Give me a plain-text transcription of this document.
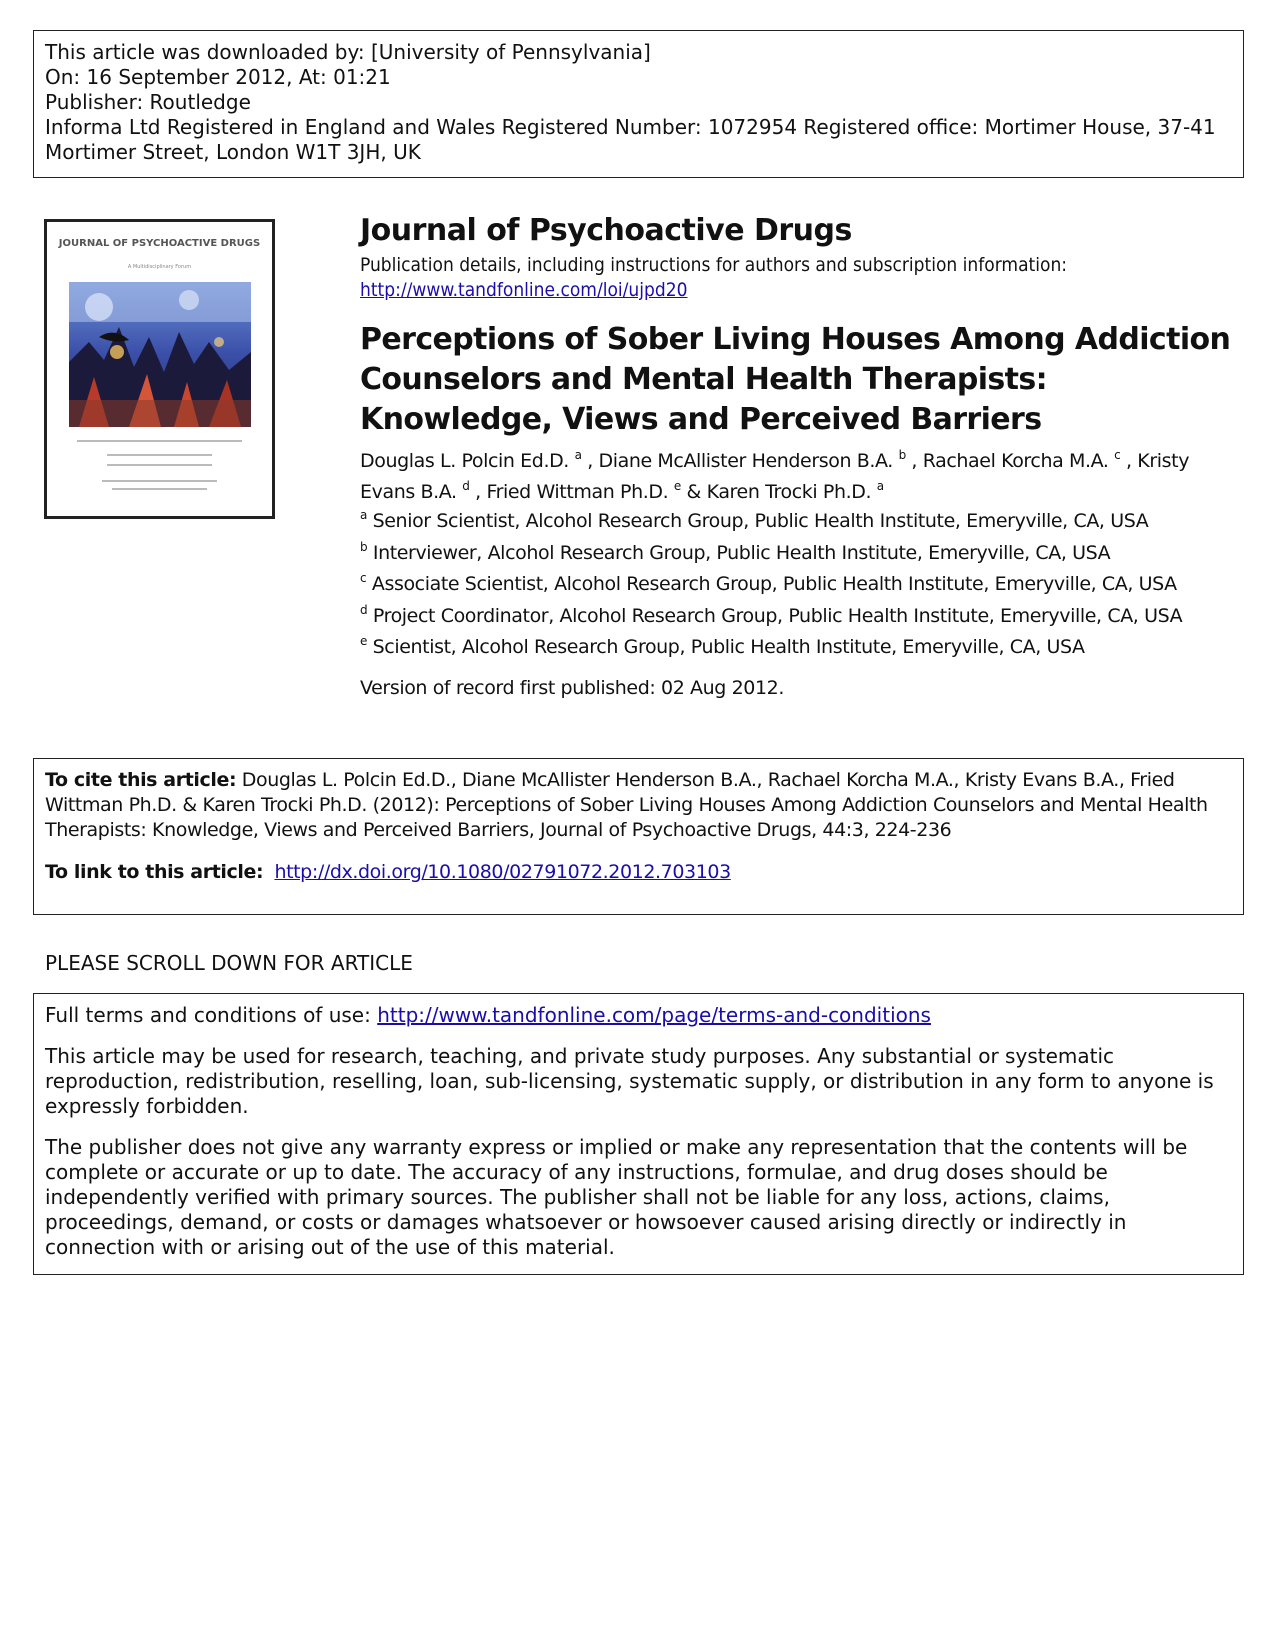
This article was downloaded by: [University of Pennsylvania]
On: 16 September 2012, At: 01:21
Publisher: Routledge
Informa Ltd Registered in England and Wales Registered Number: 1072954 Registered office: Mortimer House, 37-41 Mortimer Street, London W1T 3JH, UK
JOURNAL OF PSYCHOACTIVE DRUGS
A Multidisciplinary Forum
Journal of Psychoactive Drugs
Publication details, including instructions for authors and subscription information:
http://www.tandfonline.com/loi/ujpd20
Perceptions of Sober Living Houses Among Addiction Counselors and Mental Health Therapists: Knowledge, Views and Perceived Barriers
Douglas L. Polcin Ed.D. $^a$ , Diane McAllister Henderson B.A. $^b$ , Rachael Korcha M.A. $^c$ , Kristy Evans B.A. $^d$ , Fried Wittman Ph.D. $^e$ & Karen Trocki Ph.D. $^a$
$^a$ Senior Scientist, Alcohol Research Group, Public Health Institute, Emeryville, CA, USA
$^b$ Interviewer, Alcohol Research Group, Public Health Institute, Emeryville, CA, USA
$^c$ Associate Scientist, Alcohol Research Group, Public Health Institute, Emeryville, CA, USA
$^d$ Project Coordinator, Alcohol Research Group, Public Health Institute, Emeryville, CA, USA
$^e$ Scientist, Alcohol Research Group, Public Health Institute, Emeryville, CA, USA
Version of record first published: 02 Aug 2012.
To cite this article: Douglas L. Polcin Ed.D., Diane McAllister Henderson B.A., Rachael Korcha M.A., Kristy Evans B.A., Fried Wittman Ph.D. & Karen Trocki Ph.D. (2012): Perceptions of Sober Living Houses Among Addiction Counselors and Mental Health Therapists: Knowledge, Views and Perceived Barriers, Journal of Psychoactive Drugs, 44:3, 224-236
To link to this article: http://dx.doi.org/10.1080/02791072.2012.703103
PLEASE SCROLL DOWN FOR ARTICLE

Full terms and conditions of use: http://www.tandfonline.com/page/terms-and-conditions

This article may be used for research, teaching, and private study purposes. Any substantial or systematic reproduction, redistribution, reselling, loan, sub-licensing, systematic supply, or distribution in any form to anyone is expressly forbidden.

The publisher does not give any warranty express or implied or make any representation that the contents will be complete or accurate or up to date. The accuracy of any instructions, formulae, and drug doses should be independently verified with primary sources. The publisher shall not be liable for any loss, actions, claims, proceedings, demand, or costs or damages whatsoever or howsoever caused arising directly or indirectly in connection with or arising out of the use of this material.
